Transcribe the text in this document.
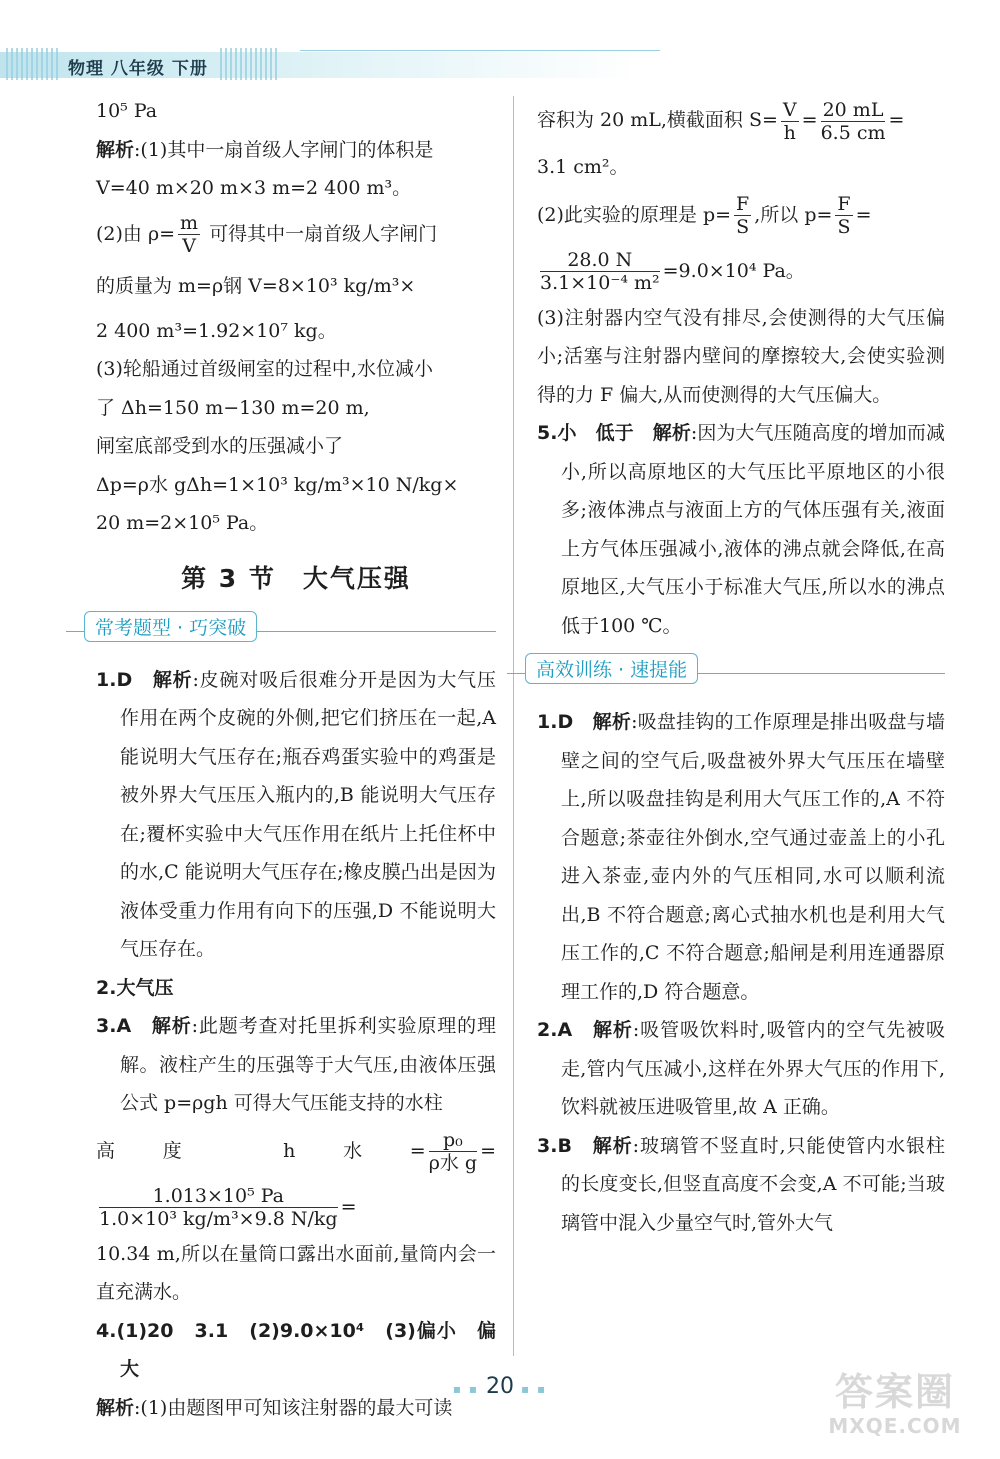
物理 八年级 下册

10⁵ Pa

解析:(1)其中一扇首级人字闸门的体积是

V=40 m×20 m×3 m=2 400 m³。

(2)由 $\rho= \frac{m}{V}$ 可得其中一扇首级人字闸门

的质量为 m=ρ钢 V=8×10³ kg/m³×

2 400 m³=1.92×10⁷ kg。

(3)轮船通过首级闸室的过程中,水位减小

了 Δh=150 m−130 m=20 m,

闸室底部受到水的压强减小了

Δp=ρ水 gΔh=1×10³ kg/m³×10 N/kg×

20 m=2×10⁵ Pa。

第 3 节　大气压强
常考题型 · 巧突破

1.D　 解析:皮碗对吸后很难分开是因为大气压作用在两个皮碗的外侧,把它们挤压在一起,A 能说明大气压存在;瓶吞鸡蛋实验中的鸡蛋是被外界大气压压入瓶内的,B 能说明大气压存在;覆杯实验中大气压作用在纸片上托住杯中的水,C 能说明大气压存在;橡皮膜凸出是因为液体受重力作用有向下的压强,D 不能说明大气压存在。

2.大气压

3.A　 解析:此题考查对托里拆利实验原理的理解。液柱产生的压强等于大气压,由液体压强公式 p=ρgh 可得大气压能支持的水柱

高度 h水= $\frac{\text{p₀}}{\text{ρ水 g}}$ =
$\frac{\text{1.013×10⁵ Pa}}{\text{1.0×10³ kg/m³×9.8 N/kg}}$ =

10.34 m,所以在量筒口露出水面前,量筒内会一直充满水。

4.(1)20　3.1　(2)9.0×10⁴　(3)偏小　偏大

解析:(1)由题图甲可知该注射器的最大可读

容积为 20 mL,横截面积 $S= \frac{V}{h} = \frac{20 mL}{6.5 cm}$ =

3.1 cm²。

(2)此实验的原理是 $p= \frac{F}{S}$ ,所以 $p= \frac{F}{S}$ =

$\frac{28.0 N}{\text{3.1×10⁻⁴ m²}} =9.0\times 10^4$ Pa。

(3)注射器内空气没有排尽,会使测得的大气压偏小;活塞与注射器内壁间的摩擦较大,会使实验测得的力 F 偏大,从而使测得的大气压偏大。

5.小　低于　 解析:因为大气压随高度的增加而减小,所以高原地区的大气压比平原地区的小很多;液体沸点与液面上方的气体压强有关,液面上方气体压强减小,液体的沸点就会降低,在高原地区,大气压小于标准大气压,所以水的沸点低于100 ℃。

高效训练 · 速提能

1.D　 解析:吸盘挂钩的工作原理是排出吸盘与墙壁之间的空气后,吸盘被外界大气压压在墙壁上,所以吸盘挂钩是利用大气压工作的,A 不符合题意;茶壶往外倒水,空气通过壶盖上的小孔进入茶壶,壶内外的气压相同,水可以顺利流出,B 不符合题意;离心式抽水机也是利用大气压工作的,C 不符合题意;船闸是利用连通器原理工作的,D 符合题意。

2.A　 解析:吸管吸饮料时,吸管内的空气先被吸走,管内气压减小,这样在外界大气压的作用下,饮料就被压进吸管里,故 A 正确。

3.B　 解析:玻璃管不竖直时,只能使管内水银柱的长度变长,但竖直高度不会变,A 不可能;当玻璃管中混入少量空气时,管外大气

▪ ▪ 20 ▪ ▪	答案圈
MXQE.COM
